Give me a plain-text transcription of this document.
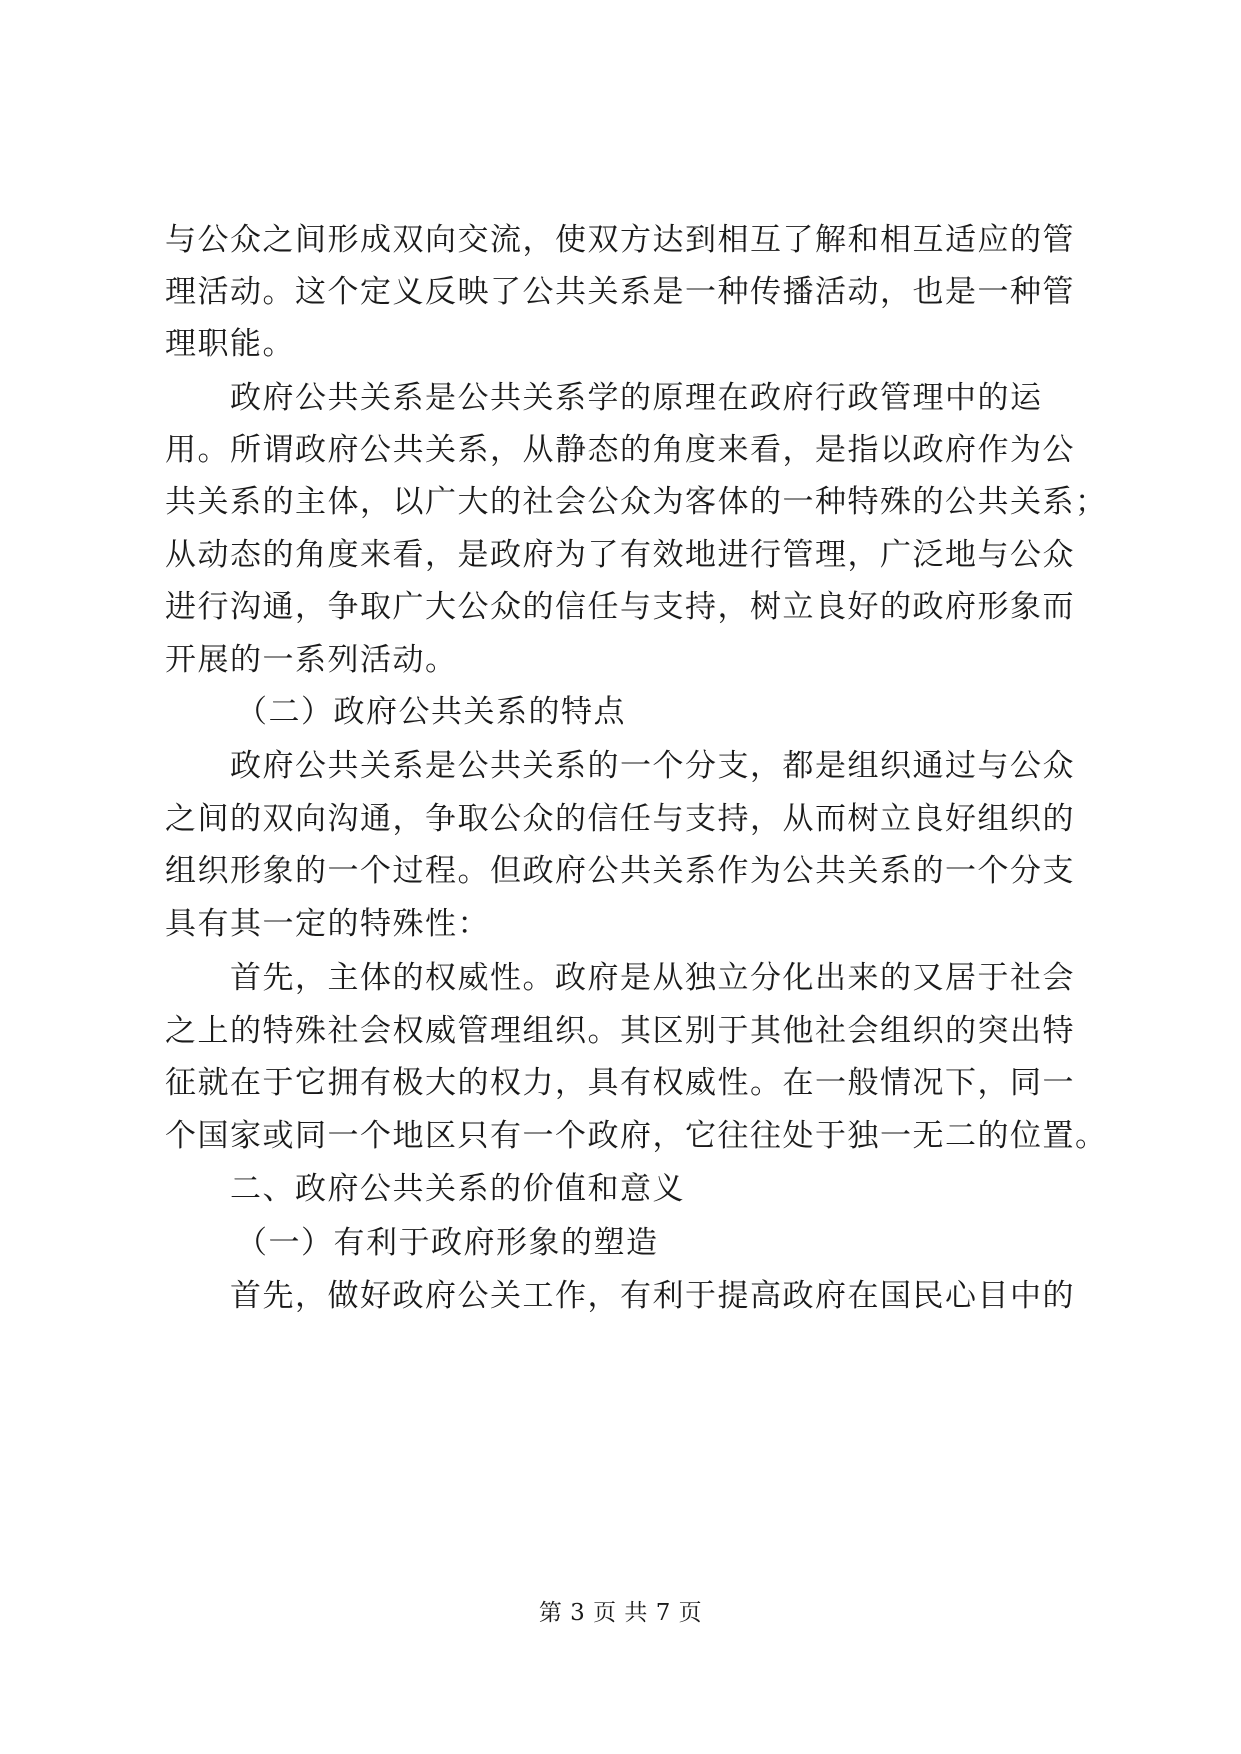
与公众之间形成双向交流，使双方达到相互了解和相互适应的管
理活动。这个定义反映了公共关系是一种传播活动，也是一种管
理职能。
政府公共关系是公共关系学的原理在政府行政管理中的运
用。所谓政府公共关系，从静态的角度来看，是指以政府作为公
共关系的主体，以广大的社会公众为客体的一种特殊的公共关系；
从动态的角度来看，是政府为了有效地进行管理，广泛地与公众
进行沟通，争取广大公众的信任与支持，树立良好的政府形象而
开展的一系列活动。
（二）政府公共关系的特点
政府公共关系是公共关系的一个分支，都是组织通过与公众
之间的双向沟通，争取公众的信任与支持，从而树立良好组织的
组织形象的一个过程。但政府公共关系作为公共关系的一个分支
具有其一定的特殊性：
首先，主体的权威性。政府是从独立分化出来的又居于社会
之上的特殊社会权威管理组织。其区别于其他社会组织的突出特
征就在于它拥有极大的权力，具有权威性。在一般情况下，同一
个国家或同一个地区只有一个政府，它往往处于独一无二的位置。
二、政府公共关系的价值和意义
（一）有利于政府形象的塑造
首先，做好政府公关工作，有利于提高政府在国民心目中的
第 3 页 共 7 页
